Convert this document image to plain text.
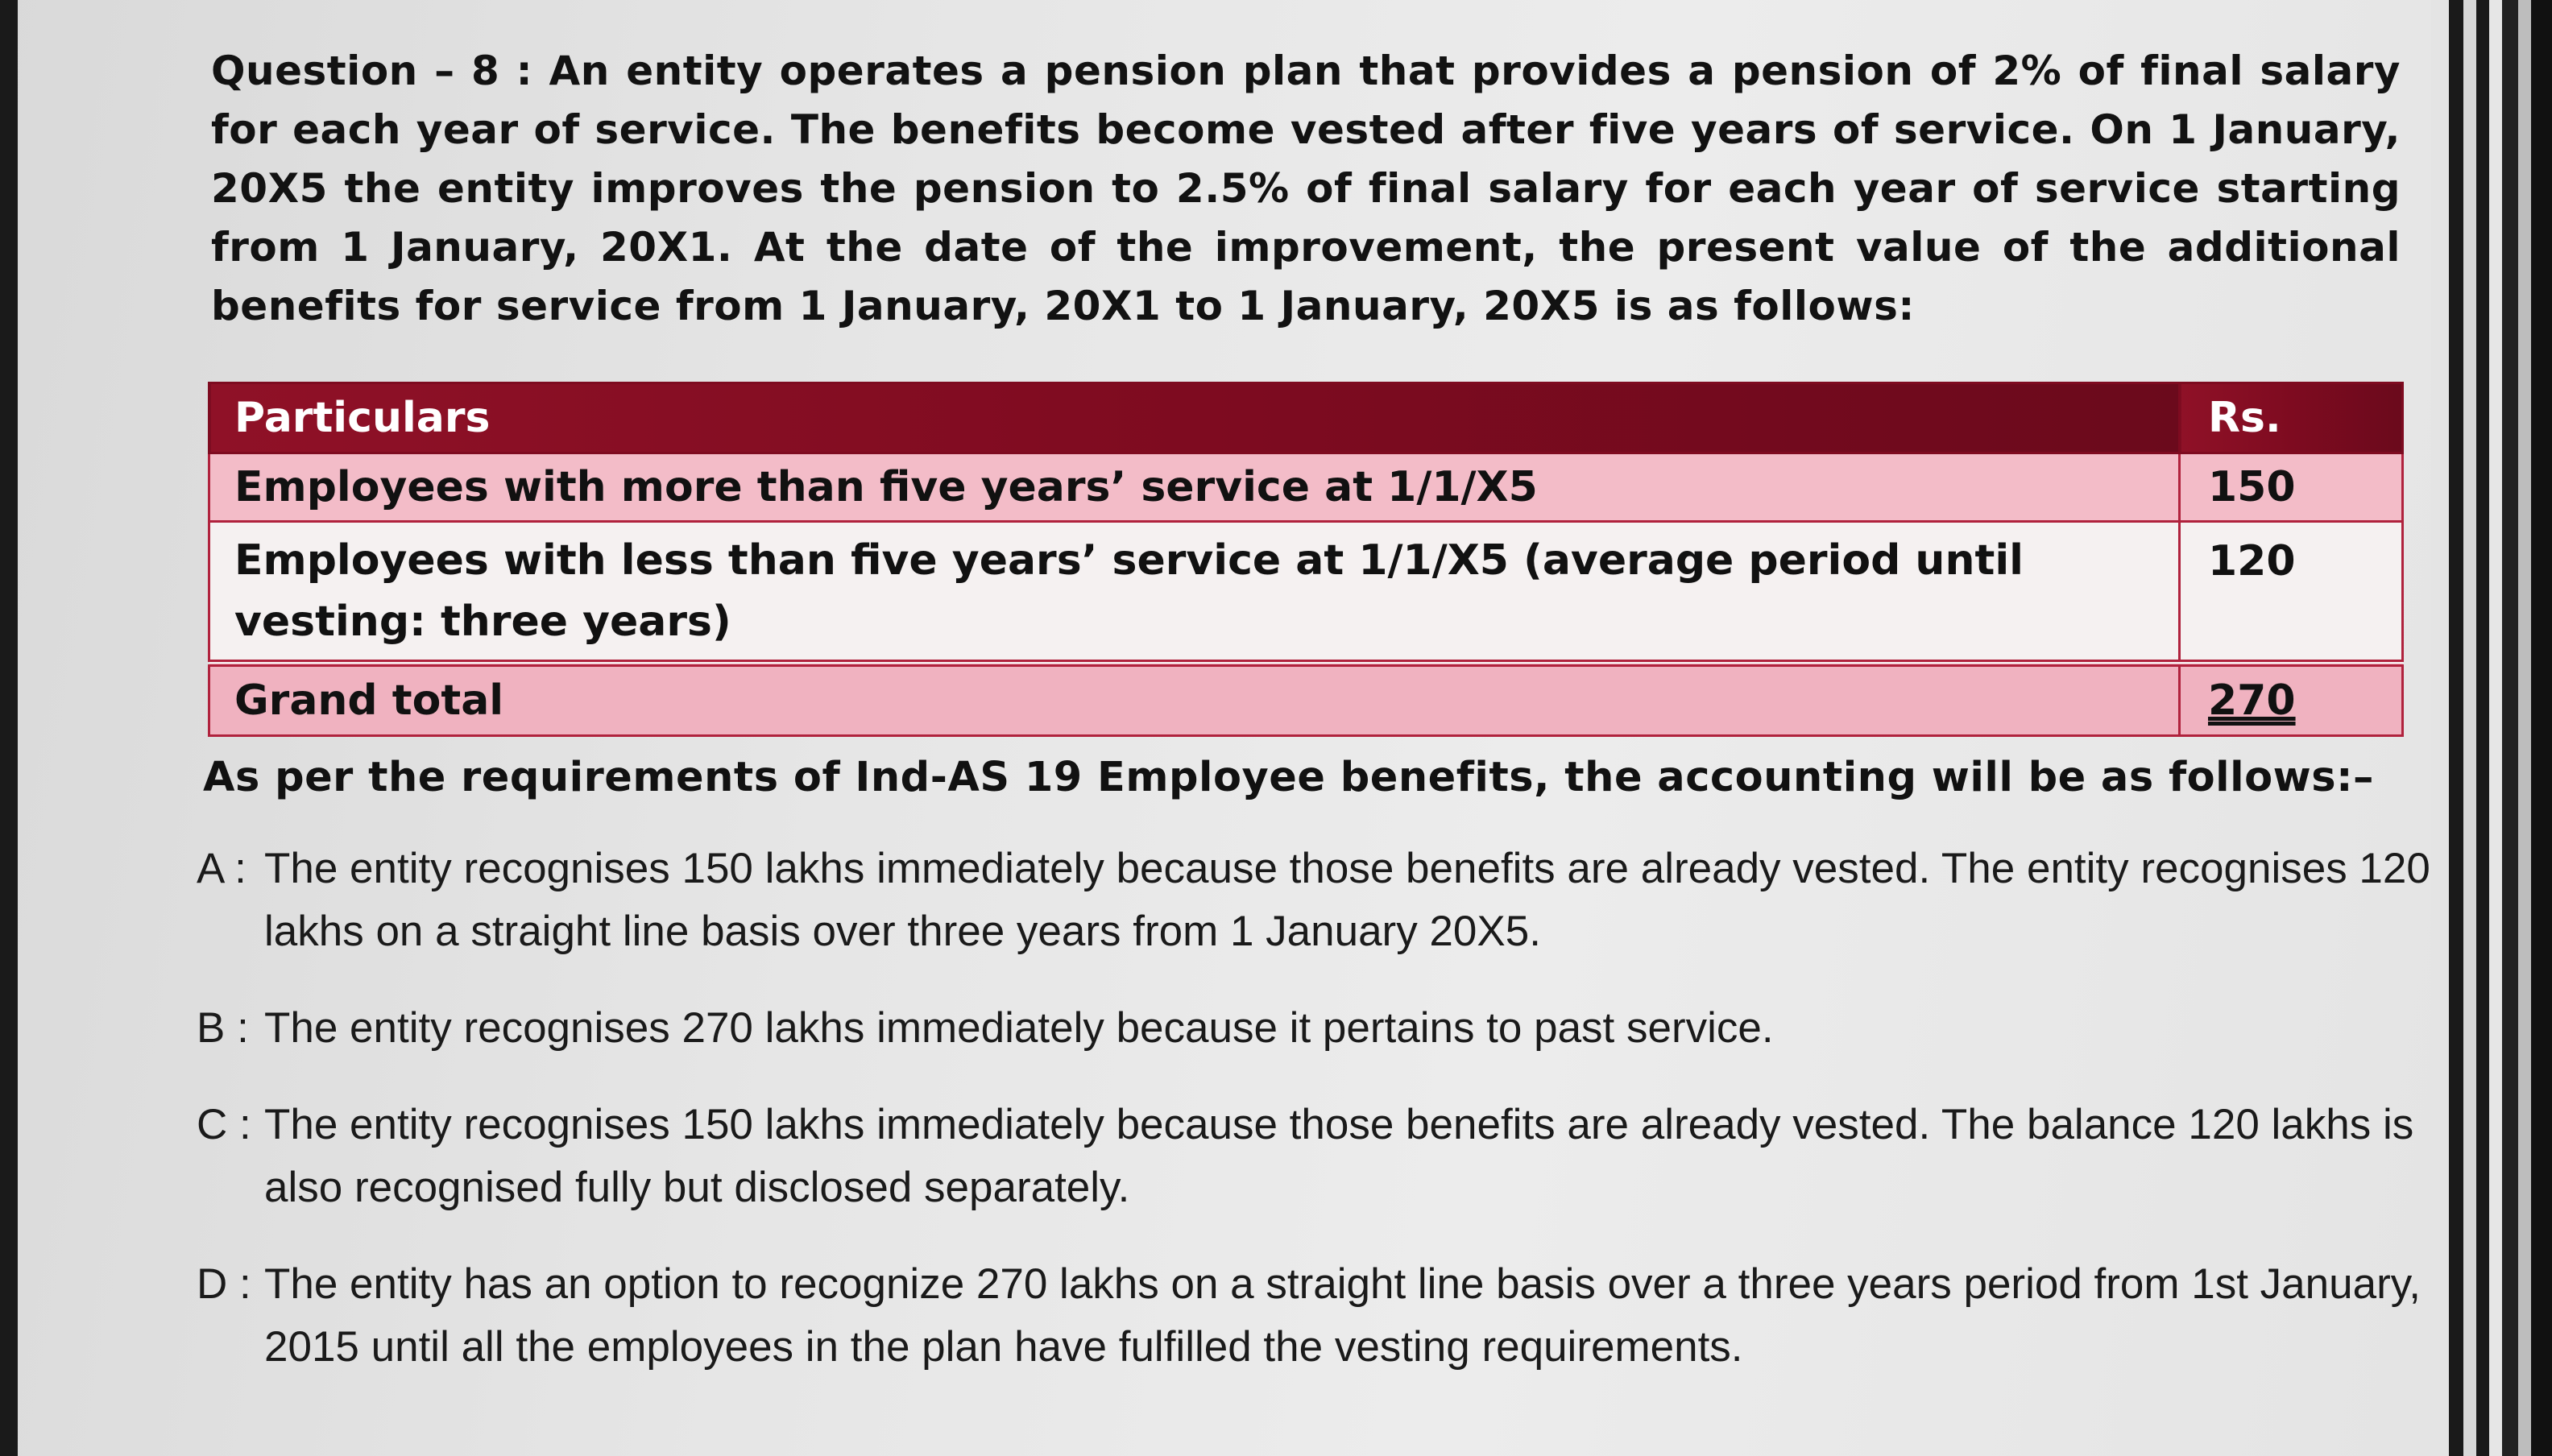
Question – 8 : An entity operates a pension plan that provides a pension of 2% of final salary for each year of service. The benefits become vested after five years of service. On 1 January, 20X5 the entity improves the pension to 2.5% of final salary for each year of service starting from 1 January, 20X1. At the date of the improvement, the present value of the additional benefits for service from 1 January, 20X1 to 1 January, 20X5 is as follows:
Particulars	Rs.
Employees with more than five years’ service at 1/1/X5	150
Employees with less than five years’ service at 1/1/X5 (average period until vesting: three years)	120
Grand total	270
As per the requirements of Ind-AS 19 Employee benefits, the accounting will be as follows:–
A : The entity recognises 150 lakhs immediately because those benefits are already vested. The entity recognises 120 lakhs on a straight line basis over three years from 1 January 20X5.
B : The entity recognises 270 lakhs immediately because it pertains to past service.
C : The entity recognises 150 lakhs immediately because those benefits are already vested. The balance 120 lakhs is also recognised fully but disclosed separately.
D : The entity has an option to recognize 270 lakhs on a straight line basis over a three years period from 1st January, 2015 until all the employees in the plan have fulfilled the vesting requirements.
